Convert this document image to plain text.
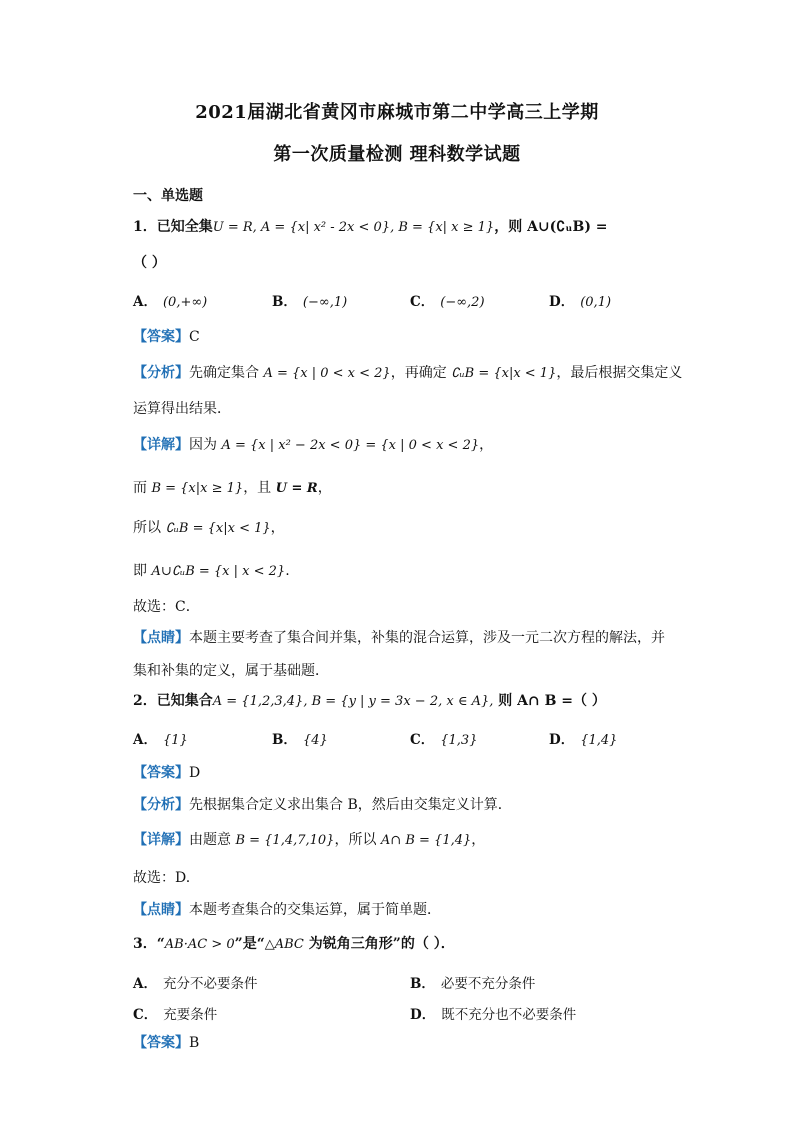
2021届湖北省黄冈市麻城市第二中学高三上学期
第一次质量检测 理科数学试题
一、单选题
1．已知全集U = R, A = {x| x² - 2x < 0}, B = {x| x ≥ 1}，则 A∪(∁ᵤB) =
（ ）
A． (0,+∞)	B． (−∞,1)	C． (−∞,2)	D． (0,1)
【答案】C
【分析】先确定集合 A = {x | 0 < x < 2}，再确定 ∁ᵤB = {x|x < 1}，最后根据交集定义
运算得出结果．
【详解】因为 A = {x | x² − 2x < 0} = {x | 0 < x < 2}，
而 B = {x|x ≥ 1}，且 U = R，
所以 ∁ᵤB = {x|x < 1}，
即 A∪∁ᵤB = {x | x < 2}.
故选：C．
【点睛】本题主要考查了集合间并集，补集的混合运算，涉及一元二次方程的解法，并
集和补集的定义，属于基础题．
2．已知集合A = {1,2,3,4}, B = {y | y = 3x − 2, x ∈ A}, 则 A∩ B =（ ）
A． {1}	B． {4}	C． {1,3}	D． {1,4}
【答案】D
【分析】先根据集合定义求出集合 B，然后由交集定义计算．
【详解】由题意 B = {1,4,7,10}，所以 A∩ B = {1,4}，
故选：D.
【点睛】本题考查集合的交集运算，属于简单题．
3．“AB·AC > 0”是“△ABC 为锐角三角形”的（ ）．
A． 充分不必要条件	B． 必要不充分条件
C． 充要条件	D． 既不充分也不必要条件
【答案】B
